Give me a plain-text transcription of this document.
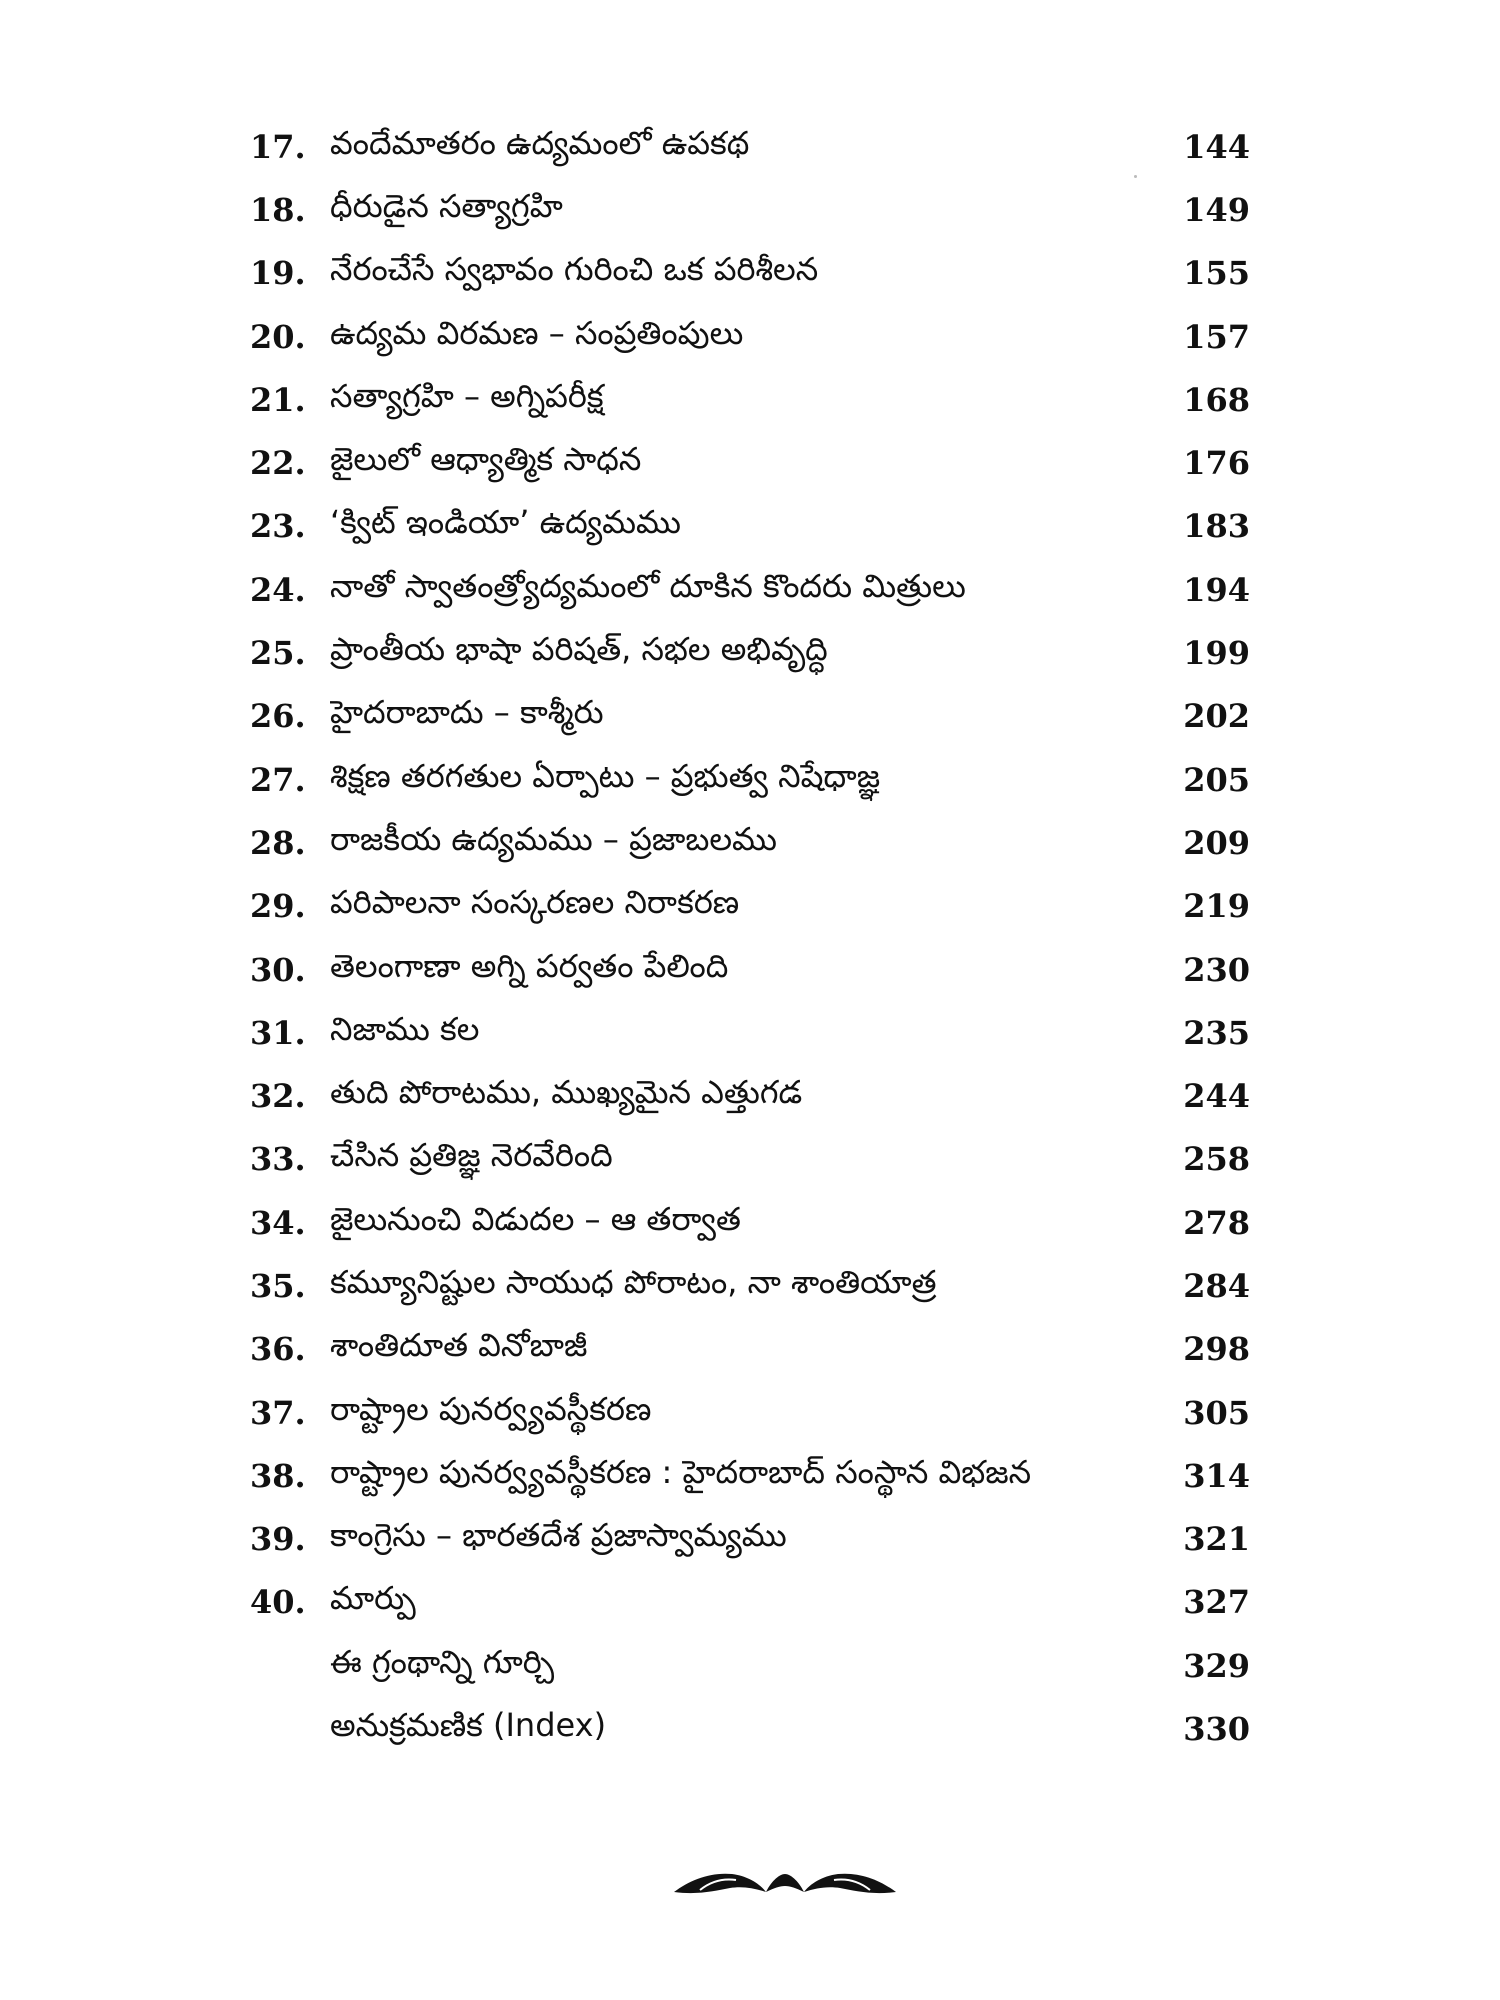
17. వందేమాతరం ఉద్యమంలో ఉపకథ	144
18. ధీరుడైన సత్యాగ్రహి	149
19. నేరంచేసే స్వభావం గురించి ఒక పరిశీలన	155
20. ఉద్యమ విరమణ – సంప్రతింపులు	157
21. సత్యాగ్రహి – అగ్నిపరీక్ష	168
22. జైలులో ఆధ్యాత్మిక సాధన	176
23. ‘క్విట్ ఇండియా’ ఉద్యమము	183
24. నాతో స్వాతంత్ర్యోద్యమంలో దూకిన కొందరు మిత్రులు	194
25. ప్రాంతీయ భాషా పరిషత్, సభల అభివృద్ధి	199
26. హైదరాబాదు – కాశ్మీరు	202
27. శిక్షణ తరగతుల ఏర్పాటు – ప్రభుత్వ నిషేధాజ్ఞ	205
28. రాజకీయ ఉద్యమము – ప్రజాబలము	209
29. పరిపాలనా సంస్కరణల నిరాకరణ	219
30. తెలంగాణా అగ్ని పర్వతం పేలింది	230
31. నిజాము కల	235
32. తుది పోరాటము, ముఖ్యమైన ఎత్తుగడ	244
33. చేసిన ప్రతిజ్ఞ నెరవేరింది	258
34. జైలునుంచి విడుదల – ఆ తర్వాత	278
35. కమ్యూనిష్టుల సాయుధ పోరాటం, నా శాంతియాత్ర	284
36. శాంతిదూత వినోబాజీ	298
37. రాష్ట్రాల పునర్వ్యవస్థీకరణ	305
38. రాష్ట్రాల పునర్వ్యవస్థీకరణ : హైదరాబాద్ సంస్థాన విభజన	314
39. కాంగ్రెసు – భారతదేశ ప్రజాస్వామ్యము	321
40. మార్పు	327
ఈ గ్రంథాన్ని గూర్చి	329
అనుక్రమణిక (Index)	330
